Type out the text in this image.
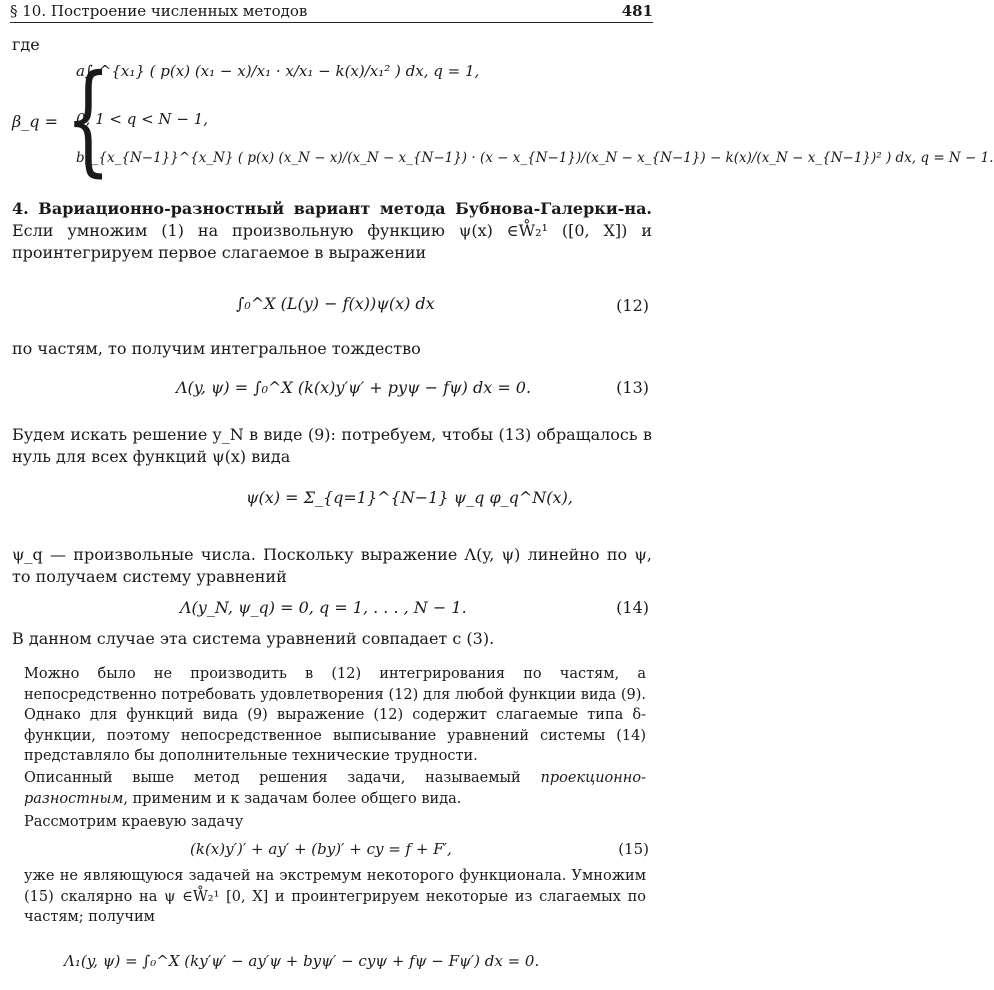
§ 10. Построение численных методов	481
где
β_q = {
a∫₀^{x₁} ( p(x) (x₁ − x)/x₁ · x/x₁ − k(x)/x₁² ) dx, q = 1,
0, 1 < q < N − 1,
b∫_{x_{N−1}}^{x_N} ( p(x) (x_N − x)/(x_N − x_{N−1}) · (x − x_{N−1})/(x_N − x_{N−1}) − k(x)/(x_N − x_{N−1})² ) dx, q = N − 1.
4. Вариационно-разностный вариант метода Бубнова-Галерки-на. Если умножим (1) на произвольную функцию ψ(x) ∈W̊₂¹ ([0, X]) и проинтегрируем первое слагаемое в выражении
∫₀^X (L(y) − f(x))ψ(x) dx	(12)
по частям, то получим интегральное тождество
Λ(y, ψ) = ∫₀^X (k(x)y′ψ′ + pyψ − fψ) dx = 0.	(13)
Будем искать решение y_N в виде (9): потребуем, чтобы (13) обращалось в нуль для всех функций ψ(x) вида
ψ(x) = Σ_{q=1}^{N−1} ψ_q φ_q^N(x),
ψ_q — произвольные числа. Поскольку выражение Λ(y, ψ) линейно по ψ, то получаем систему уравнений
Λ(y_N, ψ_q) = 0, q = 1, . . . , N − 1.	(14)
В данном случае эта система уравнений совпадает с (3).
Можно было не производить в (12) интегрирования по частям, а непосредственно потребовать удовлетворения (12) для любой функции вида (9). Однако для функций вида (9) выражение (12) содержит слагаемые типа δ-функции, поэтому непосредственное выписывание уравнений системы (14) представляло бы дополнительные технические трудности.
Описанный выше метод решения задачи, называемый проекционно-разностным, применим и к задачам более общего вида.
Рассмотрим краевую задачу
(k(x)y′)′ + ay′ + (by)′ + cy = f + F′,	(15)
уже не являющуюся задачей на экстремум некоторого функционала. Умножим (15) скалярно на ψ ∈W̊₂¹ [0, X] и проинтегрируем некоторые из слагаемых по частям; получим
Λ₁(y, ψ) = ∫₀^X (ky′ψ′ − ay′ψ + byψ′ − cyψ + fψ − Fψ′) dx = 0.
